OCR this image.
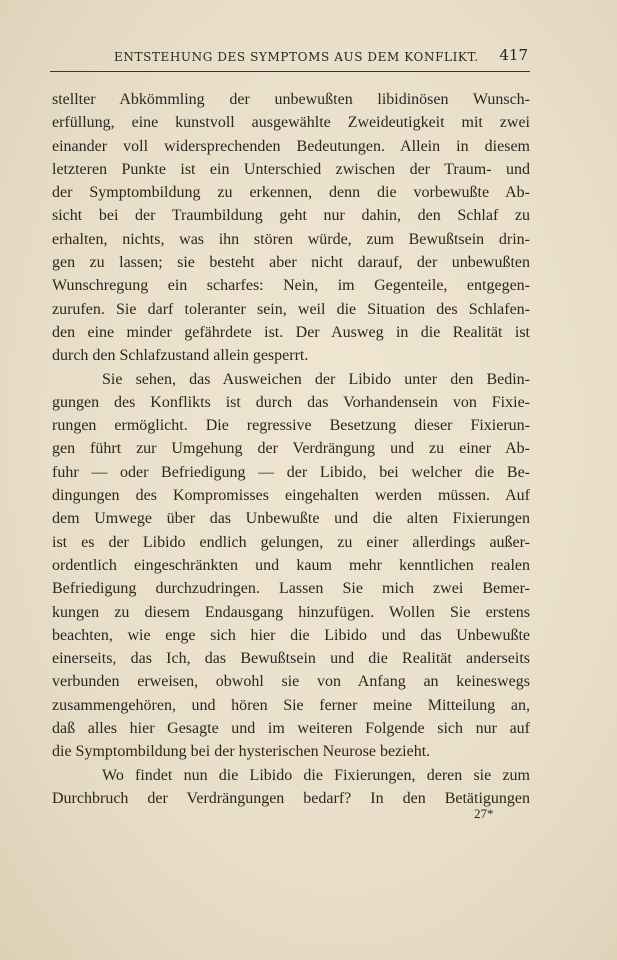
ENTSTEHUNG DES SYMPTOMS AUS DEM KONFLIKT. 417
stellter Abkömmling der unbewußten libidinösen Wunsch-
erfüllung, eine kunstvoll ausgewählte Zweideutigkeit mit zwei
einander voll widersprechenden Bedeutungen. Allein in diesem
letzteren Punkte ist ein Unterschied zwischen der Traum- und
der Symptombildung zu erkennen, denn die vorbewußte Ab-
sicht bei der Traumbildung geht nur dahin, den Schlaf zu
erhalten, nichts, was ihn stören würde, zum Bewußtsein drin-
gen zu lassen; sie besteht aber nicht darauf, der unbewußten
Wunschregung ein scharfes: Nein, im Gegenteile, entgegen-
zurufen. Sie darf toleranter sein, weil die Situation des Schlafen-
den eine minder gefährdete ist. Der Ausweg in die Realität ist
durch den Schlafzustand allein gesperrt.
Sie sehen, das Ausweichen der Libido unter den Bedin-
gungen des Konflikts ist durch das Vorhandensein von Fixie-
rungen ermöglicht. Die regressive Besetzung dieser Fixierun-
gen führt zur Umgehung der Verdrängung und zu einer Ab-
fuhr — oder Befriedigung — der Libido, bei welcher die Be-
dingungen des Kompromisses eingehalten werden müssen. Auf
dem Umwege über das Unbewußte und die alten Fixierungen
ist es der Libido endlich gelungen, zu einer allerdings außer-
ordentlich eingeschränkten und kaum mehr kenntlichen realen
Befriedigung durchzudringen. Lassen Sie mich zwei Bemer-
kungen zu diesem Endausgang hinzufügen. Wollen Sie erstens
beachten, wie enge sich hier die Libido und das Unbewußte
einerseits, das Ich, das Bewußtsein und die Realität anderseits
verbunden erweisen, obwohl sie von Anfang an keineswegs
zusammengehören, und hören Sie ferner meine Mitteilung an,
daß alles hier Gesagte und im weiteren Folgende sich nur auf
die Symptombildung bei der hysterischen Neurose bezieht.
Wo findet nun die Libido die Fixierungen, deren sie zum
Durchbruch der Verdrängungen bedarf? In den Betätigungen
27*
